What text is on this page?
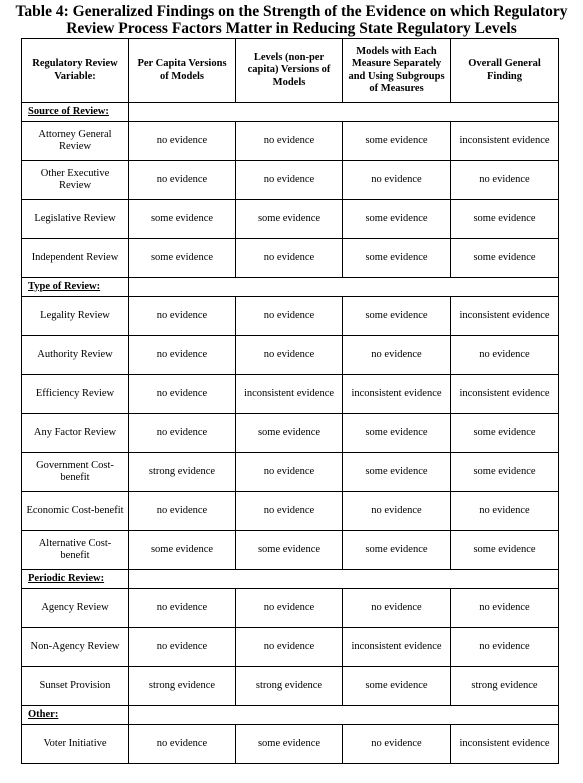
Table 4: Generalized Findings on the Strength of the Evidence on which Regulatory
Review Process Factors Matter in Reducing State Regulatory Levels
Regulatory Review Variable:	Per Capita Versions of Models	Levels (non-per capita) Versions of Models	Models with Each Measure Separately and Using Subgroups of Measures	Overall General Finding
Source of Review:				
Attorney General Review	no evidence	no evidence	some evidence	inconsistent evidence
Other Executive Review	no evidence	no evidence	no evidence	no evidence
Legislative Review	some evidence	some evidence	some evidence	some evidence
Independent Review	some evidence	no evidence	some evidence	some evidence
Type of Review:				
Legality Review	no evidence	no evidence	some evidence	inconsistent evidence
Authority Review	no evidence	no evidence	no evidence	no evidence
Efficiency Review	no evidence	inconsistent evidence	inconsistent evidence	inconsistent evidence
Any Factor Review	no evidence	some evidence	some evidence	some evidence
Government Cost-benefit	strong evidence	no evidence	some evidence	some evidence
Economic Cost-benefit	no evidence	no evidence	no evidence	no evidence
Alternative Cost-benefit	some evidence	some evidence	some evidence	some evidence
Periodic Review:				
Agency Review	no evidence	no evidence	no evidence	no evidence
Non-Agency Review	no evidence	no evidence	inconsistent evidence	no evidence
Sunset Provision	strong evidence	strong evidence	some evidence	strong evidence
Other:				
Voter Initiative	no evidence	some evidence	no evidence	inconsistent evidence
